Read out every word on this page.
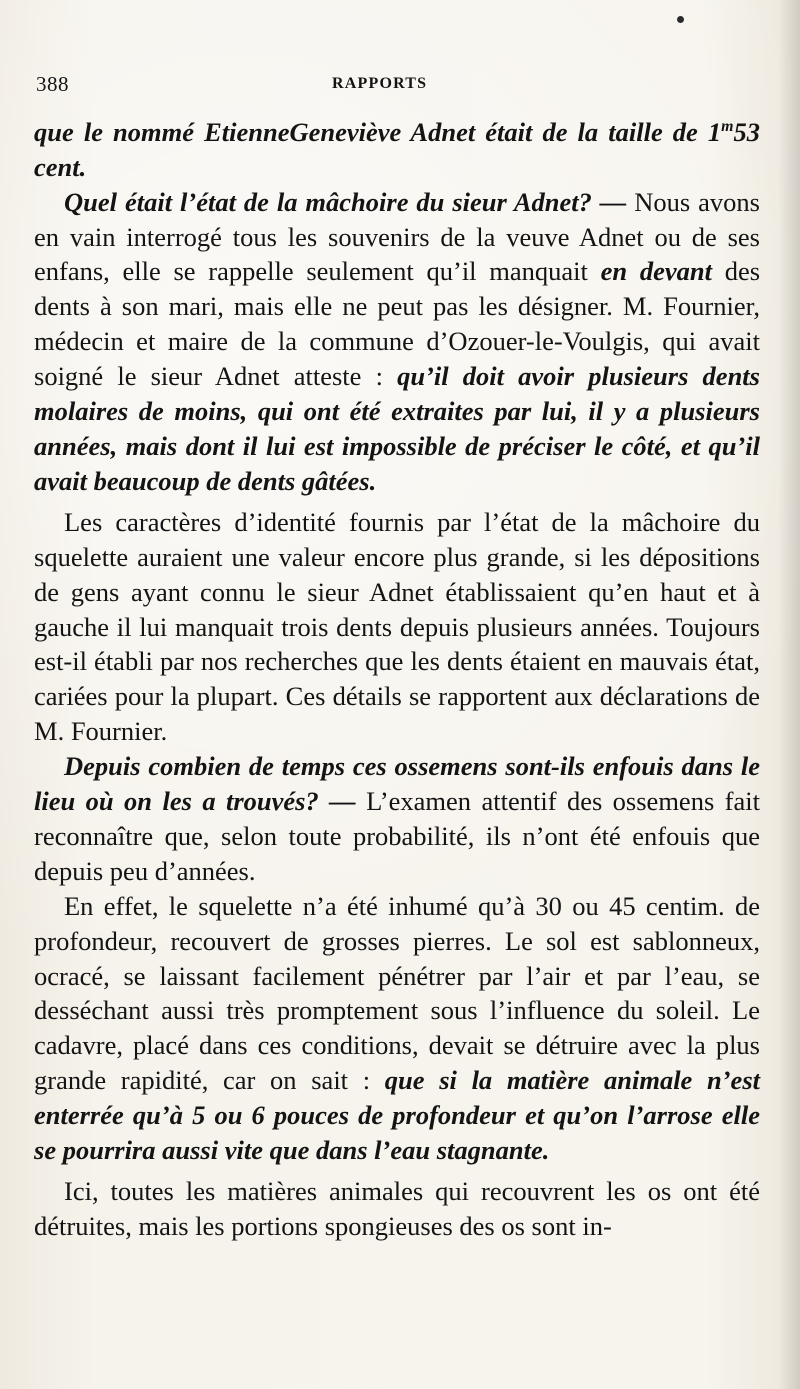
388	RAPPORTS

que le nommé EtienneGeneviève Adnet était de la taille de 1$^m$53 cent.

Quel était l’état de la mâchoire du sieur Adnet? — Nous avons en vain interrogé tous les souvenirs de la veuve Adnet ou de ses enfans, elle se rappelle seulement qu’il manquait en devant des dents à son mari, mais elle ne peut pas les désigner. M. Fournier, médecin et maire de la commune d’Ozouer-le-Voulgis, qui avait soigné le sieur Adnet atteste : qu’il doit avoir plusieurs dents molaires de moins, qui ont été extraites par lui, il y a plusieurs années, mais dont il lui est impossible de préciser le côté, et qu’il avait beaucoup de dents gâtées.

Les caractères d’identité fournis par l’état de la mâchoire du squelette auraient une valeur encore plus grande, si les dépositions de gens ayant connu le sieur Adnet établissaient qu’en haut et à gauche il lui manquait trois dents depuis plusieurs années. Toujours est-il établi par nos recherches que les dents étaient en mauvais état, cariées pour la plupart. Ces détails se rapportent aux déclarations de M. Fournier.

Depuis combien de temps ces ossemens sont-ils enfouis dans le lieu où on les a trouvés? — L’examen attentif des ossemens fait reconnaître que, selon toute probabilité, ils n’ont été enfouis que depuis peu d’années.

En effet, le squelette n’a été inhumé qu’à 30 ou 45 centim. de profondeur, recouvert de grosses pierres. Le sol est sablonneux, ocracé, se laissant facilement pénétrer par l’air et par l’eau, se desséchant aussi très promptement sous l’influence du soleil. Le cadavre, placé dans ces conditions, devait se détruire avec la plus grande rapidité, car on sait : que si la matière animale n’est enterrée qu’à 5 ou 6 pouces de profondeur et qu’on l’arrose elle se pourrira aussi vite que dans l’eau stagnante.

Ici, toutes les matières animales qui recouvrent les os ont été détruites, mais les portions spongieuses des os sont in-
